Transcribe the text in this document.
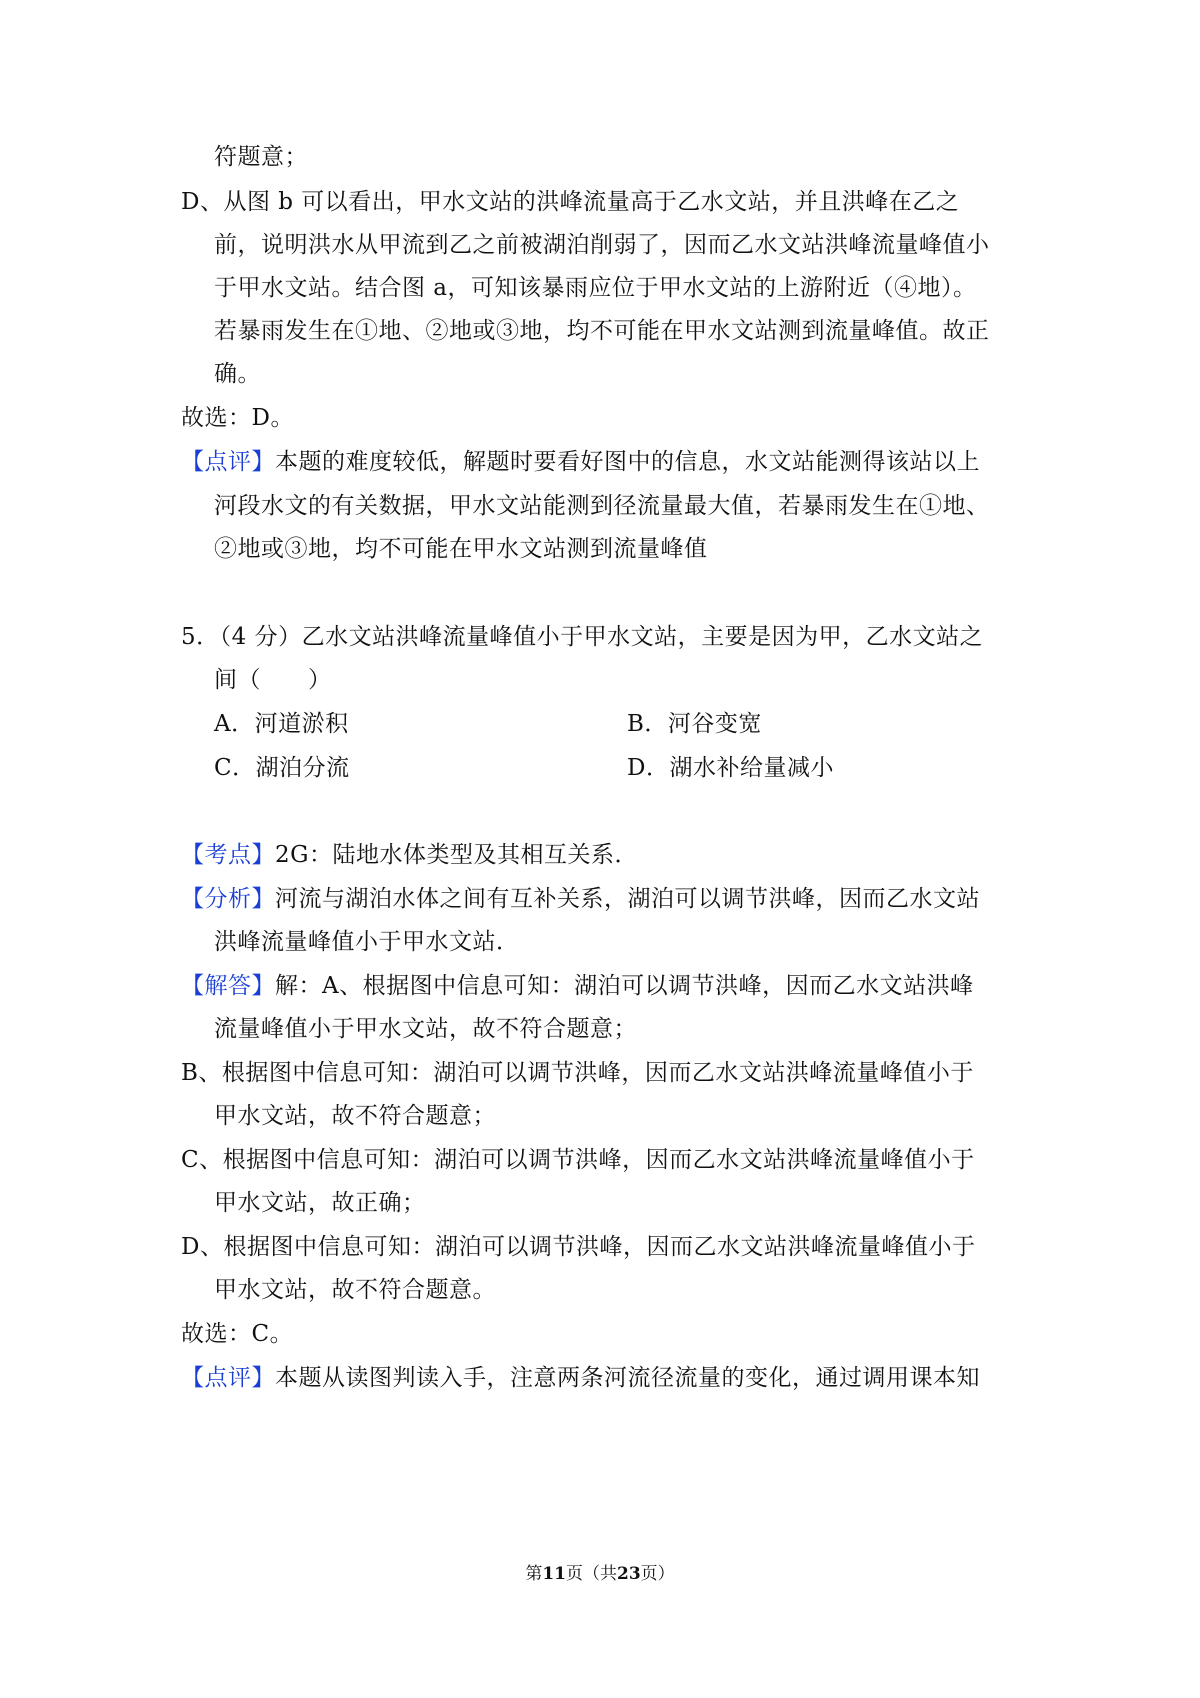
符题意；
D、从图 b 可以看出，甲水文站的洪峰流量高于乙水文站，并且洪峰在乙之
前，说明洪水从甲流到乙之前被湖泊削弱了，因而乙水文站洪峰流量峰值小
于甲水文站。结合图 a，可知该暴雨应位于甲水文站的上游附近（④地）。
若暴雨发生在①地、②地或③地，均不可能在甲水文站测到流量峰值。故正
确。
故选：D。
【点评】本题的难度较低，解题时要看好图中的信息，水文站能测得该站以上
河段水文的有关数据，甲水文站能测到径流量最大值，若暴雨发生在①地、
②地或③地，均不可能在甲水文站测到流量峰值
5．（4 分）乙水文站洪峰流量峰值小于甲水文站，主要是因为甲，乙水文站之
间（　　）
A．河道淤积	B．河谷变宽
C．湖泊分流	D．湖水补给量减小
【考点】2G：陆地水体类型及其相互关系．
【分析】河流与湖泊水体之间有互补关系，湖泊可以调节洪峰，因而乙水文站
洪峰流量峰值小于甲水文站．
【解答】解：A、根据图中信息可知：湖泊可以调节洪峰，因而乙水文站洪峰
流量峰值小于甲水文站，故不符合题意；
B、根据图中信息可知：湖泊可以调节洪峰，因而乙水文站洪峰流量峰值小于
甲水文站，故不符合题意；
C、根据图中信息可知：湖泊可以调节洪峰，因而乙水文站洪峰流量峰值小于
甲水文站，故正确；
D、根据图中信息可知：湖泊可以调节洪峰，因而乙水文站洪峰流量峰值小于
甲水文站，故不符合题意。
故选：C。
【点评】本题从读图判读入手，注意两条河流径流量的变化，通过调用课本知
第11页（共23页）
